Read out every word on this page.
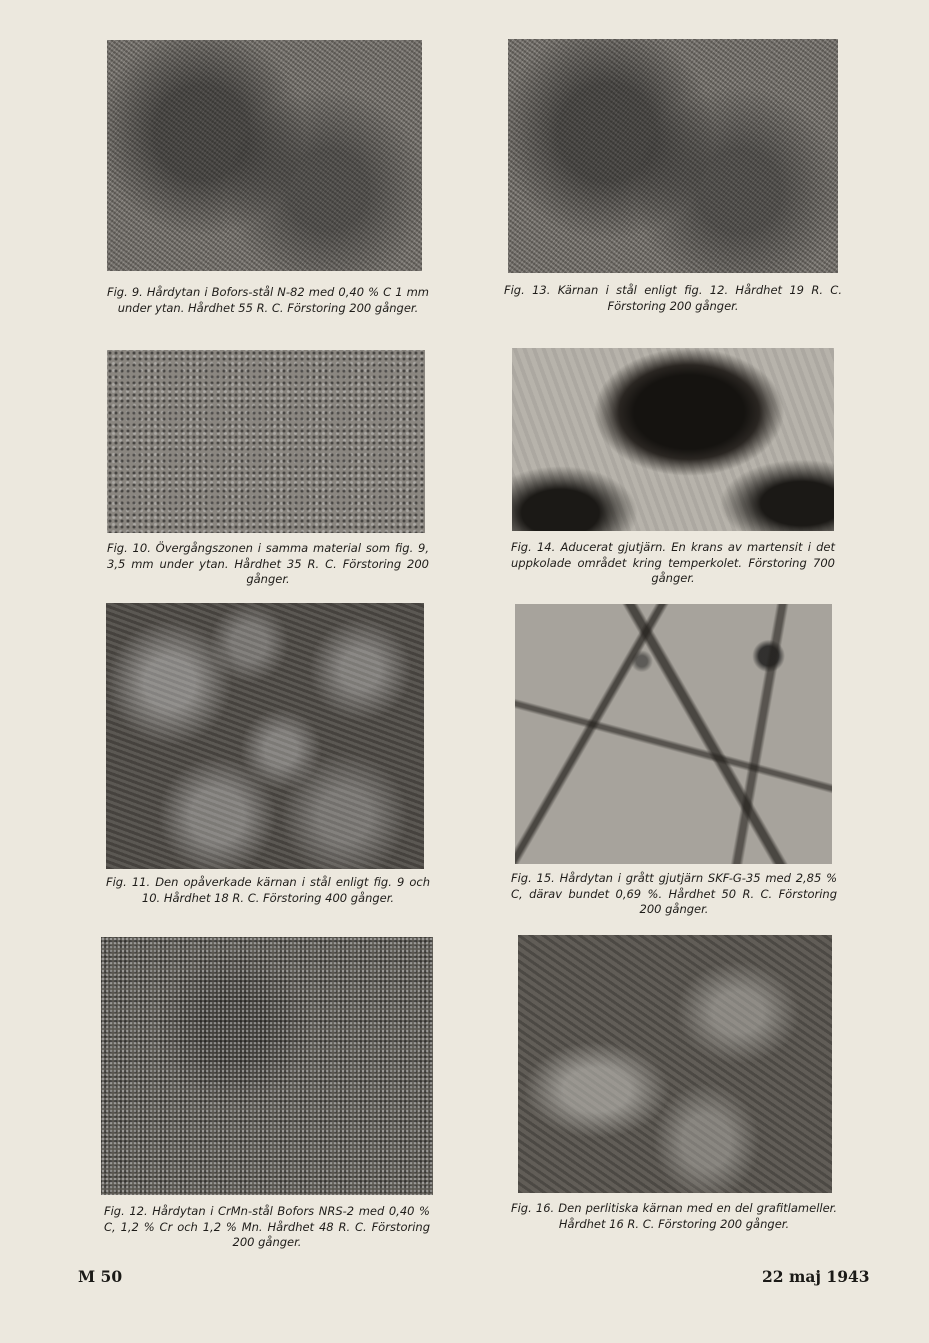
Fig. 9. Hårdytan i Bofors-stål N-82 med 0,40 % C 1 mm under ytan. Hårdhet 55 R. C. Förstoring 200 gånger.
Fig. 10. Övergångszonen i samma material som fig. 9, 3,5 mm under ytan. Hårdhet 35 R. C. Förstoring 200 gånger.
Fig. 11. Den opåverkade kärnan i stål enligt fig. 9 och 10. Hårdhet 18 R. C. Förstoring 400 gånger.
Fig. 12. Hårdytan i CrMn-stål Bofors NRS-2 med 0,40 % C, 1,2 % Cr och 1,2 % Mn. Hårdhet 48 R. C. Förstoring 200 gånger.
Fig. 13. Kärnan i stål enligt fig. 12. Hårdhet 19 R. C. Förstoring 200 gånger.
Fig. 14. Aducerat gjutjärn. En krans av martensit i det uppkolade området kring temperkolet. Förstoring 700 gånger.
Fig. 15. Hårdytan i grått gjutjärn SKF-G-35 med 2,85 % C, därav bundet 0,69 %. Hårdhet 50 R. C. Förstoring 200 gånger.
Fig. 16. Den perlitiska kärnan med en del grafitlameller. Hårdhet 16 R. C. Förstoring 200 gånger.
M 50	22 maj 1943
